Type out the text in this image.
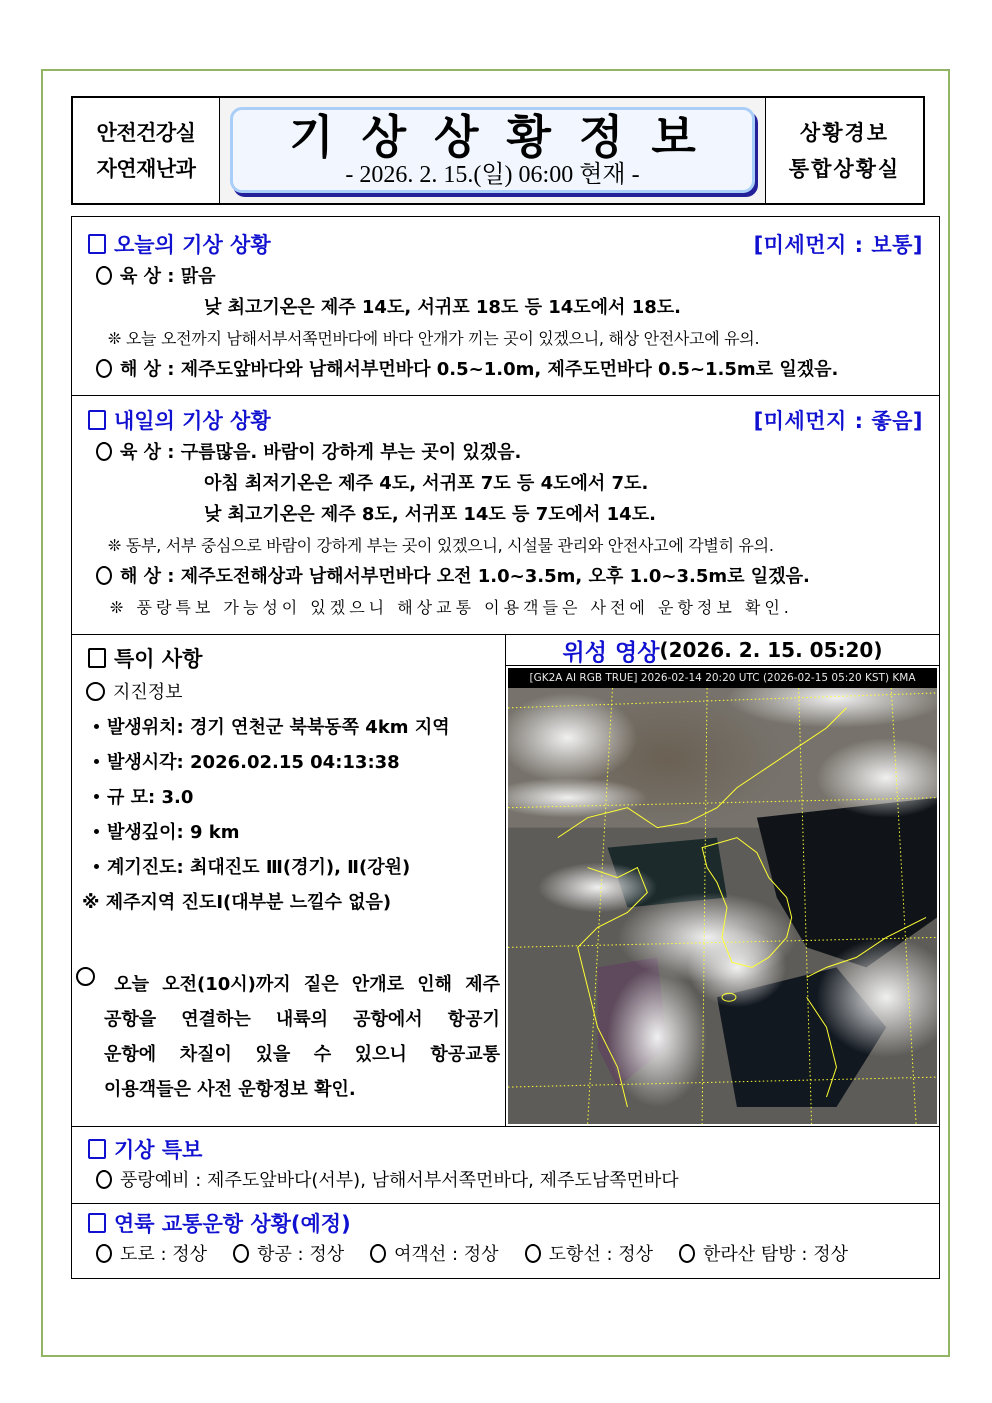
안전건강실
자연재난과
기상상황정보
- 2026. 2. 15.(일) 06:00 현재 -
상황경보
통합상황실
오늘의 기상 상황	[미세먼지 : 보통]
육 상 : 맑음
낮 최고기온은 제주 14도, 서귀포 18도 등 14도에서 18도.
❊ 오늘 오전까지 남해서부서쪽먼바다에 바다 안개가 끼는 곳이 있겠으니, 해상 안전사고에 유의.
해 상 : 제주도앞바다와 남해서부먼바다 0.5~1.0m, 제주도먼바다 0.5~1.5m로 일겠음.
내일의 기상 상황	[미세먼지 : 좋음]
육 상 : 구름많음. 바람이 강하게 부는 곳이 있겠음.
아침 최저기온은 제주 4도, 서귀포 7도 등 4도에서 7도.
낮 최고기온은 제주 8도, 서귀포 14도 등 7도에서 14도.
❊ 동부, 서부 중심으로 바람이 강하게 부는 곳이 있겠으니, 시설물 관리와 안전사고에 각별히 유의.
해 상 : 제주도전해상과 남해서부먼바다 오전 1.0~3.5m, 오후 1.0~3.5m로 일겠음.
❊ 풍랑특보 가능성이 있겠으니 해상교통 이용객들은 사전에 운항정보 확인.
특이 사항
지진정보
발생위치: 경기 연천군 북북동쪽 4km 지역
발생시각: 2026.02.15 04:13:38
규 모: 3.0
발생깊이: 9 km
계기진도: 최대진도 Ⅲ(경기), Ⅱ(강원)
※ 제주지역 진도Ⅰ(대부분 느낄수 없음)
오늘 오전(10시)까지 짙은 안개로 인해 제주
공항을 연결하는 내륙의 공항에서 항공기
운항에 차질이 있을 수 있으니 항공교통
이용객들은 사전 운항정보 확인.
위성 영상 (2026. 2. 15. 05:20)
[GK2A AI RGB TRUE] 2026-02-14 20:20 UTC (2026-02-15 05:20 KST) KMA
기상 특보
풍랑예비 : 제주도앞바다(서부), 남해서부서쪽먼바다, 제주도남쪽먼바다
연륙 교통운항 상황(예정)
도로 : 정상	항공 : 정상	여객선 : 정상	도항선 : 정상	한라산 탐방 : 정상
